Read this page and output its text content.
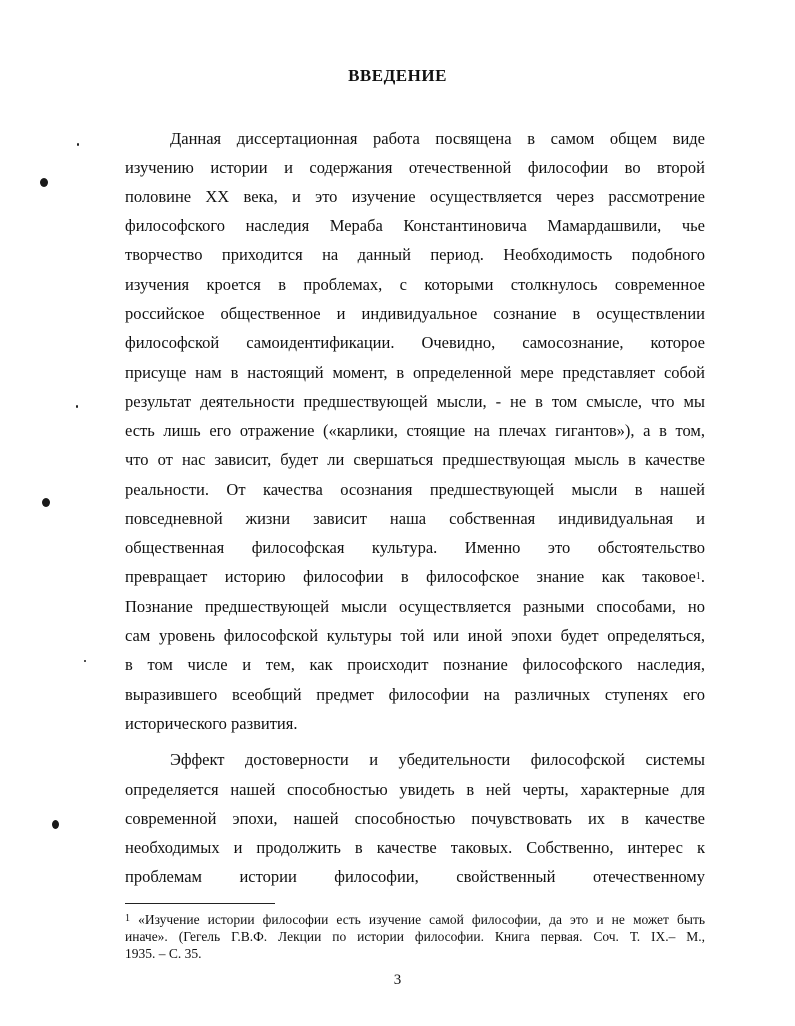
ВВЕДЕНИЕ
Данная диссертационная работа посвящена в самом общем виде
изучению истории и содержания отечественной философии во второй
половине XX века, и это изучение осуществляется через рассмотрение
философского наследия Мераба Константиновича Мамардашвили, чье
творчество приходится на данный период. Необходимость подобного
изучения кроется в проблемах, с которыми столкнулось современное
российское общественное и индивидуальное сознание в осуществлении
философской самоидентификации. Очевидно, самосознание, которое
присуще нам в настоящий момент, в определенной мере представляет собой
результат деятельности предшествующей мысли, - не в том смысле, что мы
есть лишь его отражение («карлики, стоящие на плечах гигантов»), а в том,
что от нас зависит, будет ли свершаться предшествующая мысль в качестве
реальности. От качества осознания предшествующей мысли в нашей
повседневной жизни зависит наша собственная индивидуальная и
общественная философская культура. Именно это обстоятельство
превращает историю философии в философское знание как таковое$^1$.
Познание предшествующей мысли осуществляется разными способами, но
сам уровень философской культуры той или иной эпохи будет определяться,
в том числе и тем, как происходит познание философского наследия,
выразившего всеобщий предмет философии на различных ступенях его
исторического развития.
Эффект достоверности и убедительности философской системы
определяется нашей способностью увидеть в ней черты, характерные для
современной эпохи, нашей способностью почувствовать их в качестве
необходимых и продолжить в качестве таковых. Собственно, интерес к
проблемам истории философии, свойственный отечественному
$^1$ «Изучение истории философии есть изучение самой философии, да это и не может быть
иначе». (Гегель Г.В.Ф. Лекции по истории философии. Книга первая. Соч. Т. IX.– М.,
1935. – С. 35.
3
